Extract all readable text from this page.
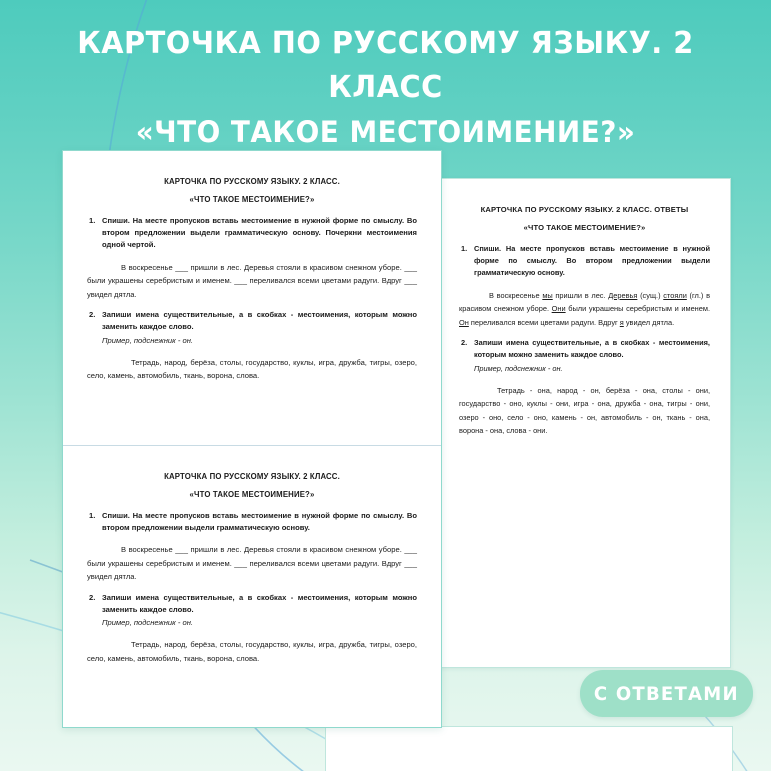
КАРТОЧКА ПО РУССКОМУ ЯЗЫКУ. 2 КЛАСС
«ЧТО ТАКОЕ МЕСТОИМЕНИЕ?»
КАРТОЧКА ПО РУССКОМУ ЯЗЫКУ. 2 КЛАСС. ОТВЕТЫ
«ЧТО ТАКОЕ МЕСТОИМЕНИЕ?»
1. Спиши. На месте пропусков вставь местоимение в нужной форме по смыслу. Во втором предложении выдели грамматическую основу.

В воскресенье мы пришли в лес. Деревья (сущ.) стояли (гл.) в красивом снежном уборе. Они были украшены серебристым и именем. Он переливался всеми цветами радуги. Вдруг я увидел дятла.

2. Запиши имена существительные, а в скобках - местоимения, которым можно заменить каждое слово.

Пример, подснежник - он.

Тетрадь - она, народ - он, берёза - она, столы - они, государство - оно, куклы - они, игра - она, дружба - она, тигры - они, озеро - оно, село - оно, камень - он, автомобиль - он, ткань - она, ворона - она, слова - они.

КАРТОЧКА ПО РУССКОМУ ЯЗЫКУ. 2 КЛАСС.
«ЧТО ТАКОЕ МЕСТОИМЕНИЕ?»
1. Спиши. На месте пропусков вставь местоимение в нужной форме по смыслу. Во втором предложении выдели грамматическую основу. Почеркни местоимения одной чертой.

В воскресенье ___ пришли в лес. Деревья стояли в красивом снежном уборе. ___ были украшены серебристым и именем. ___ переливался всеми цветами радуги. Вдруг ___ увидел дятла.

2. Запиши имена существительные, а в скобках - местоимения, которым можно заменить каждое слово.

Пример, подснежник - он.

Тетрадь, народ, берёза, столы, государство, куклы, игра, дружба, тигры, озеро, село, камень, автомобиль, ткань, ворона, слова.

КАРТОЧКА ПО РУССКОМУ ЯЗЫКУ. 2 КЛАСС.
«ЧТО ТАКОЕ МЕСТОИМЕНИЕ?»
1. Спиши. На месте пропусков вставь местоимение в нужной форме по смыслу. Во втором предложении выдели грамматическую основу.

В воскресенье ___ пришли в лес. Деревья стояли в красивом снежном уборе. ___ были украшены серебристым и именем. ___ переливался всеми цветами радуги. Вдруг ___ увидел дятла.

2. Запиши имена существительные, а в скобках - местоимения, которым можно заменить каждое слово.

Пример, подснежник - он.

Тетрадь, народ, берёза, столы, государство, куклы, игра, дружба, тигры, озеро, село, камень, автомобиль, ткань, ворона, слова.

С ОТВЕТАМИ
